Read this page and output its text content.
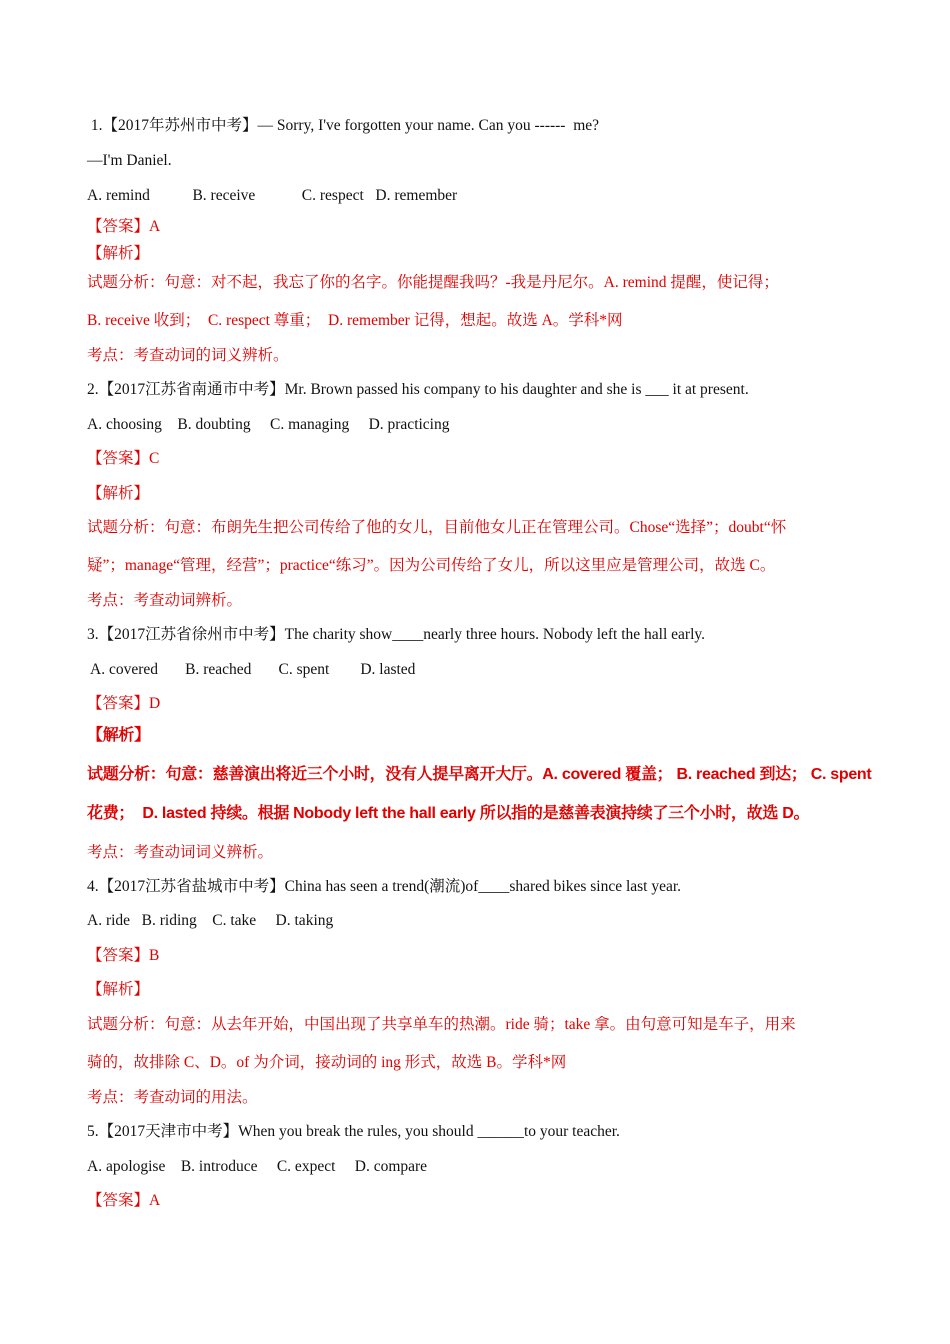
1.【2017年苏州市中考】— Sorry, I've forgotten your name. Can you ------  me?
—I'm Daniel.
A. remind           B. receive            C. respect   D. remember
【答案】A
【解析】
试题分析：句意：对不起，我忘了你的名字。你能提醒我吗？-我是丹尼尔。A. remind 提醒，使记得；
B. receive 收到；  C. respect 尊重；  D. remember 记得，想起。故选 A。学科*网
考点：考查动词的词义辨析。
2.【2017江苏省南通市中考】Mr. Brown passed his company to his daughter and she is ___ it at present.
A. choosing    B. doubting     C. managing     D. practicing
【答案】C
【解析】
试题分析：句意：布朗先生把公司传给了他的女儿，目前他女儿正在管理公司。Chose“选择”；doubt“怀
疑”；manage“管理，经营”；practice“练习”。因为公司传给了女儿，所以这里应是管理公司，故选 C。
考点：考查动词辨析。
3.【2017江苏省徐州市中考】The charity show____nearly three hours. Nobody left the hall early.
A. covered       B. reached       C. spent        D. lasted
【答案】D
【解析】
试题分析：句意：慈善演出将近三个小时，没有人提早离开大厅。A. covered 覆盖； B. reached 到达； C. spent
花费；  D. lasted 持续。根据 Nobody left the hall early 所以指的是慈善表演持续了三个小时，故选 D。
考点：考查动词词义辨析。
4.【2017江苏省盐城市中考】China has seen a trend(潮流)of____shared bikes since last year.
A. ride   B. riding    C. take     D. taking
【答案】B
【解析】
试题分析：句意：从去年开始，中国出现了共享单车的热潮。ride 骑；take 拿。由句意可知是车子，用来
骑的，故排除 C、D。of 为介词，接动词的 ing 形式，故选 B。学科*网
考点：考查动词的用法。
5.【2017天津市中考】When you break the rules, you should ______to your teacher.
A. apologise    B. introduce     C. expect     D. compare
【答案】A
